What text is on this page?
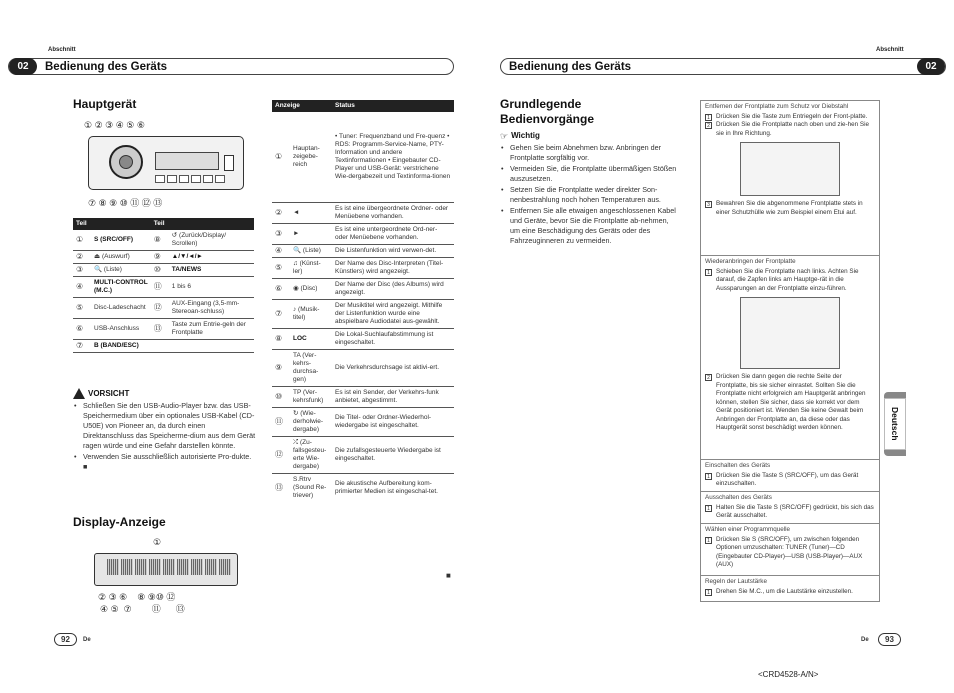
Abschnitt
02	Bedienung des Geräts
Hauptgerät
① ② ③ ④ ⑤ ⑥
⑦ ⑧ ⑨ ⑩ ⑪ ⑫ ⑬
Teil		Teil	
①	S (SRC/OFF)	⑧	↺ (Zurück/Display/ Scrollen)
②	⏏ (Auswurf)	⑨	▲/▼/◄/►
③	🔍 (Liste)	⑩	TA/NEWS
④	MULTI-CONTROL (M.C.)	⑪	1 bis 6
⑤	Disc-Ladeschacht	⑫	AUX-Eingang (3,5-mm-Stereoan-schluss)
⑥	USB-Anschluss	⑬	Taste zum Entrie-geln der Frontplatte
⑦	B (BAND/ESC)		
VORSICHT
• Schließen Sie den USB-Audio-Player bzw. das USB-Speichermedium über ein optionales USB-Kabel (CD-U50E) von Pioneer an, da durch einen Direktanschluss das Speicherme-dium aus dem Gerät ragen würde und eine Gefahr darstellen könnte.
• Verwenden Sie ausschließlich autorisierte Pro-dukte. ■
Display-Anzeige
①
② ③ ⑥    ⑧ ⑨⑩ ⑫
④ ⑤  ⑦        ⑪      ⑬
Anzeige		Status
①	Hauptan-zeigebe-reich	• Tuner: Frequenzband und Fre-quenz • RDS: Programm-Service-Name, PTY-Information und andere Textinformationen • Eingebauter CD-Player und USB-Gerät: verstrichene Wie-dergabezeit und Textinforma-tionen
②	◄	Es ist eine übergeordnete Ordner- oder Menüebene vorhanden.
③	►	Es ist eine untergeordnete Ord-ner- oder Menüebene vorhanden.
④	🔍 (Liste)	Die Listenfunktion wird verwen-det.
⑤	♫ (Künst-ler)	Der Name des Disc-Interpreten (Titel-Künstlers) wird angezeigt.
⑥	◉ (Disc)	Der Name der Disc (des Albums) wird angezeigt.
⑦	♪ (Musik-titel)	Der Musiktitel wird angezeigt. Mithilfe der Listenfunktion wurde eine abspielbare Audiodatei aus-gewählt.
⑧	LOC	Die Lokal-Suchlaufabstimmung ist eingeschaltet.
⑨	TA (Ver-kehrs-durchsa-gen)	Die Verkehrsdurchsage ist aktivi-ert.
⑩	TP (Ver-kehrsfunk)	Es ist ein Sender, der Verkehrs-funk anbietet, abgestimmt.
⑪	↻ (Wie-derholwie-dergabe)	Die Titel- oder Ordner-Wiederhol-wiedergabe ist eingeschaltet.
⑫	⤮ (Zu-fallsgesteu-erte Wie-dergabe)	Die zufallsgesteuerte Wiedergabe ist eingeschaltet.
⑬	S.Rtrv (Sound Re-triever)	Die akustische Aufbereitung kom-primierter Medien ist eingeschal-tet.
■
92	De
Abschnitt
Bedienung des Geräts	02
Grundlegende Bedienvorgänge
☞ Wichtig
• Gehen Sie beim Abnehmen bzw. Anbringen der Frontplatte sorgfältig vor.
• Vermeiden Sie, die Frontplatte übermäßigen Stößen auszusetzen.
• Setzen Sie die Frontplatte weder direkter Son-nenbestrahlung noch hohen Temperaturen aus.
• Entfernen Sie alle etwaigen angeschlossenen Kabel und Geräte, bevor Sie die Frontplatte ab-nehmen, um eine Beschädigung des Geräts oder des Fahrzeuginneren zu vermeiden.
Entfernen der Frontplatte zum Schutz vor Diebstahl
1 Drücken Sie die Taste zum Entriegeln der Front-platte.
2 Drücken Sie die Frontplatte nach oben und zie-hen Sie sie in Ihre Richtung.
3 Bewahren Sie die abgenommene Frontplatte stets in einer Schutzhülle wie zum Beispiel einem Etui auf.
Wiederanbringen der Frontplatte
1 Schieben Sie die Frontplatte nach links. Achten Sie darauf, die Zapfen links am Hauptge-rät in die Aussparungen an der Frontplatte einzu-führen.
2 Drücken Sie dann gegen die rechte Seite der Frontplatte, bis sie sicher einrastet. Sollten Sie die Frontplatte nicht erfolgreich am Hauptgerät anbringen können, stellen Sie sicher, dass sie korrekt vor dem Gerät positioniert ist. Wenden Sie keine Gewalt beim Anbringen der Frontplatte an, da diese oder das Hauptgerät sonst beschädigt werden können.
Einschalten des Geräts
1 Drücken Sie die Taste S (SRC/OFF), um das Gerät einzuschalten.
Ausschalten des Geräts
1 Halten Sie die Taste S (SRC/OFF) gedrückt, bis sich das Gerät ausschaltet.
Wählen einer Programmquelle
1 Drücken Sie S (SRC/OFF), um zwischen folgenden Optionen umzuschalten: TUNER (Tuner)—CD (Eingebauter CD-Player)—USB (USB-Player)—AUX (AUX)
Regeln der Lautstärke
1 Drehen Sie M.C., um die Lautstärke einzustellen.
Deutsch
De	93
<CRD4528-A/N>
